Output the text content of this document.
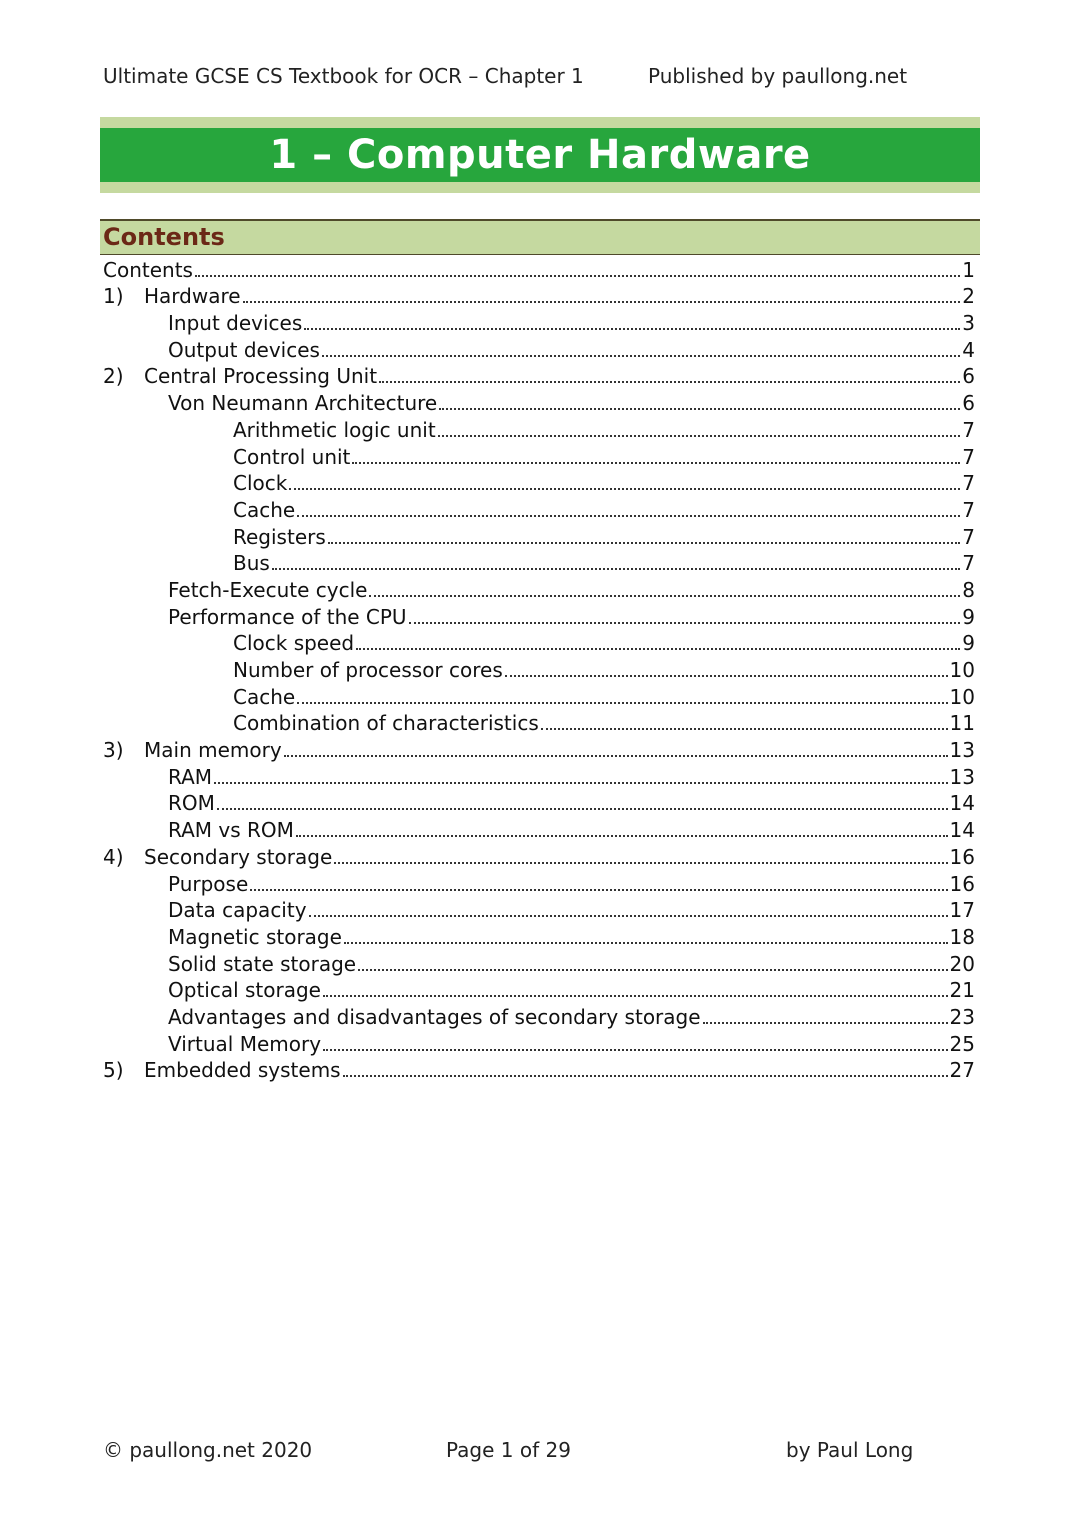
Ultimate GCSE CS Textbook for OCR – Chapter 1	Published by paullong.net
1 – Computer Hardware
Contents
Contents	1
1)	Hardware	2
Input devices	3
Output devices	4
2)	Central Processing Unit	6
Von Neumann Architecture	6
Arithmetic logic unit	7
Control unit	7
Clock	7
Cache	7
Registers	7
Bus	7
Fetch-Execute cycle	8
Performance of the CPU	9
Clock speed	9
Number of processor cores	10
Cache	10
Combination of characteristics	11
3)	Main memory	13
RAM	13
ROM	14
RAM vs ROM	14
4)	Secondary storage	16
Purpose	16
Data capacity	17
Magnetic storage	18
Solid state storage	20
Optical storage	21
Advantages and disadvantages of secondary storage	23
Virtual Memory	25
5)	Embedded systems	27
© paullong.net 2020	Page 1 of 29	by Paul Long
